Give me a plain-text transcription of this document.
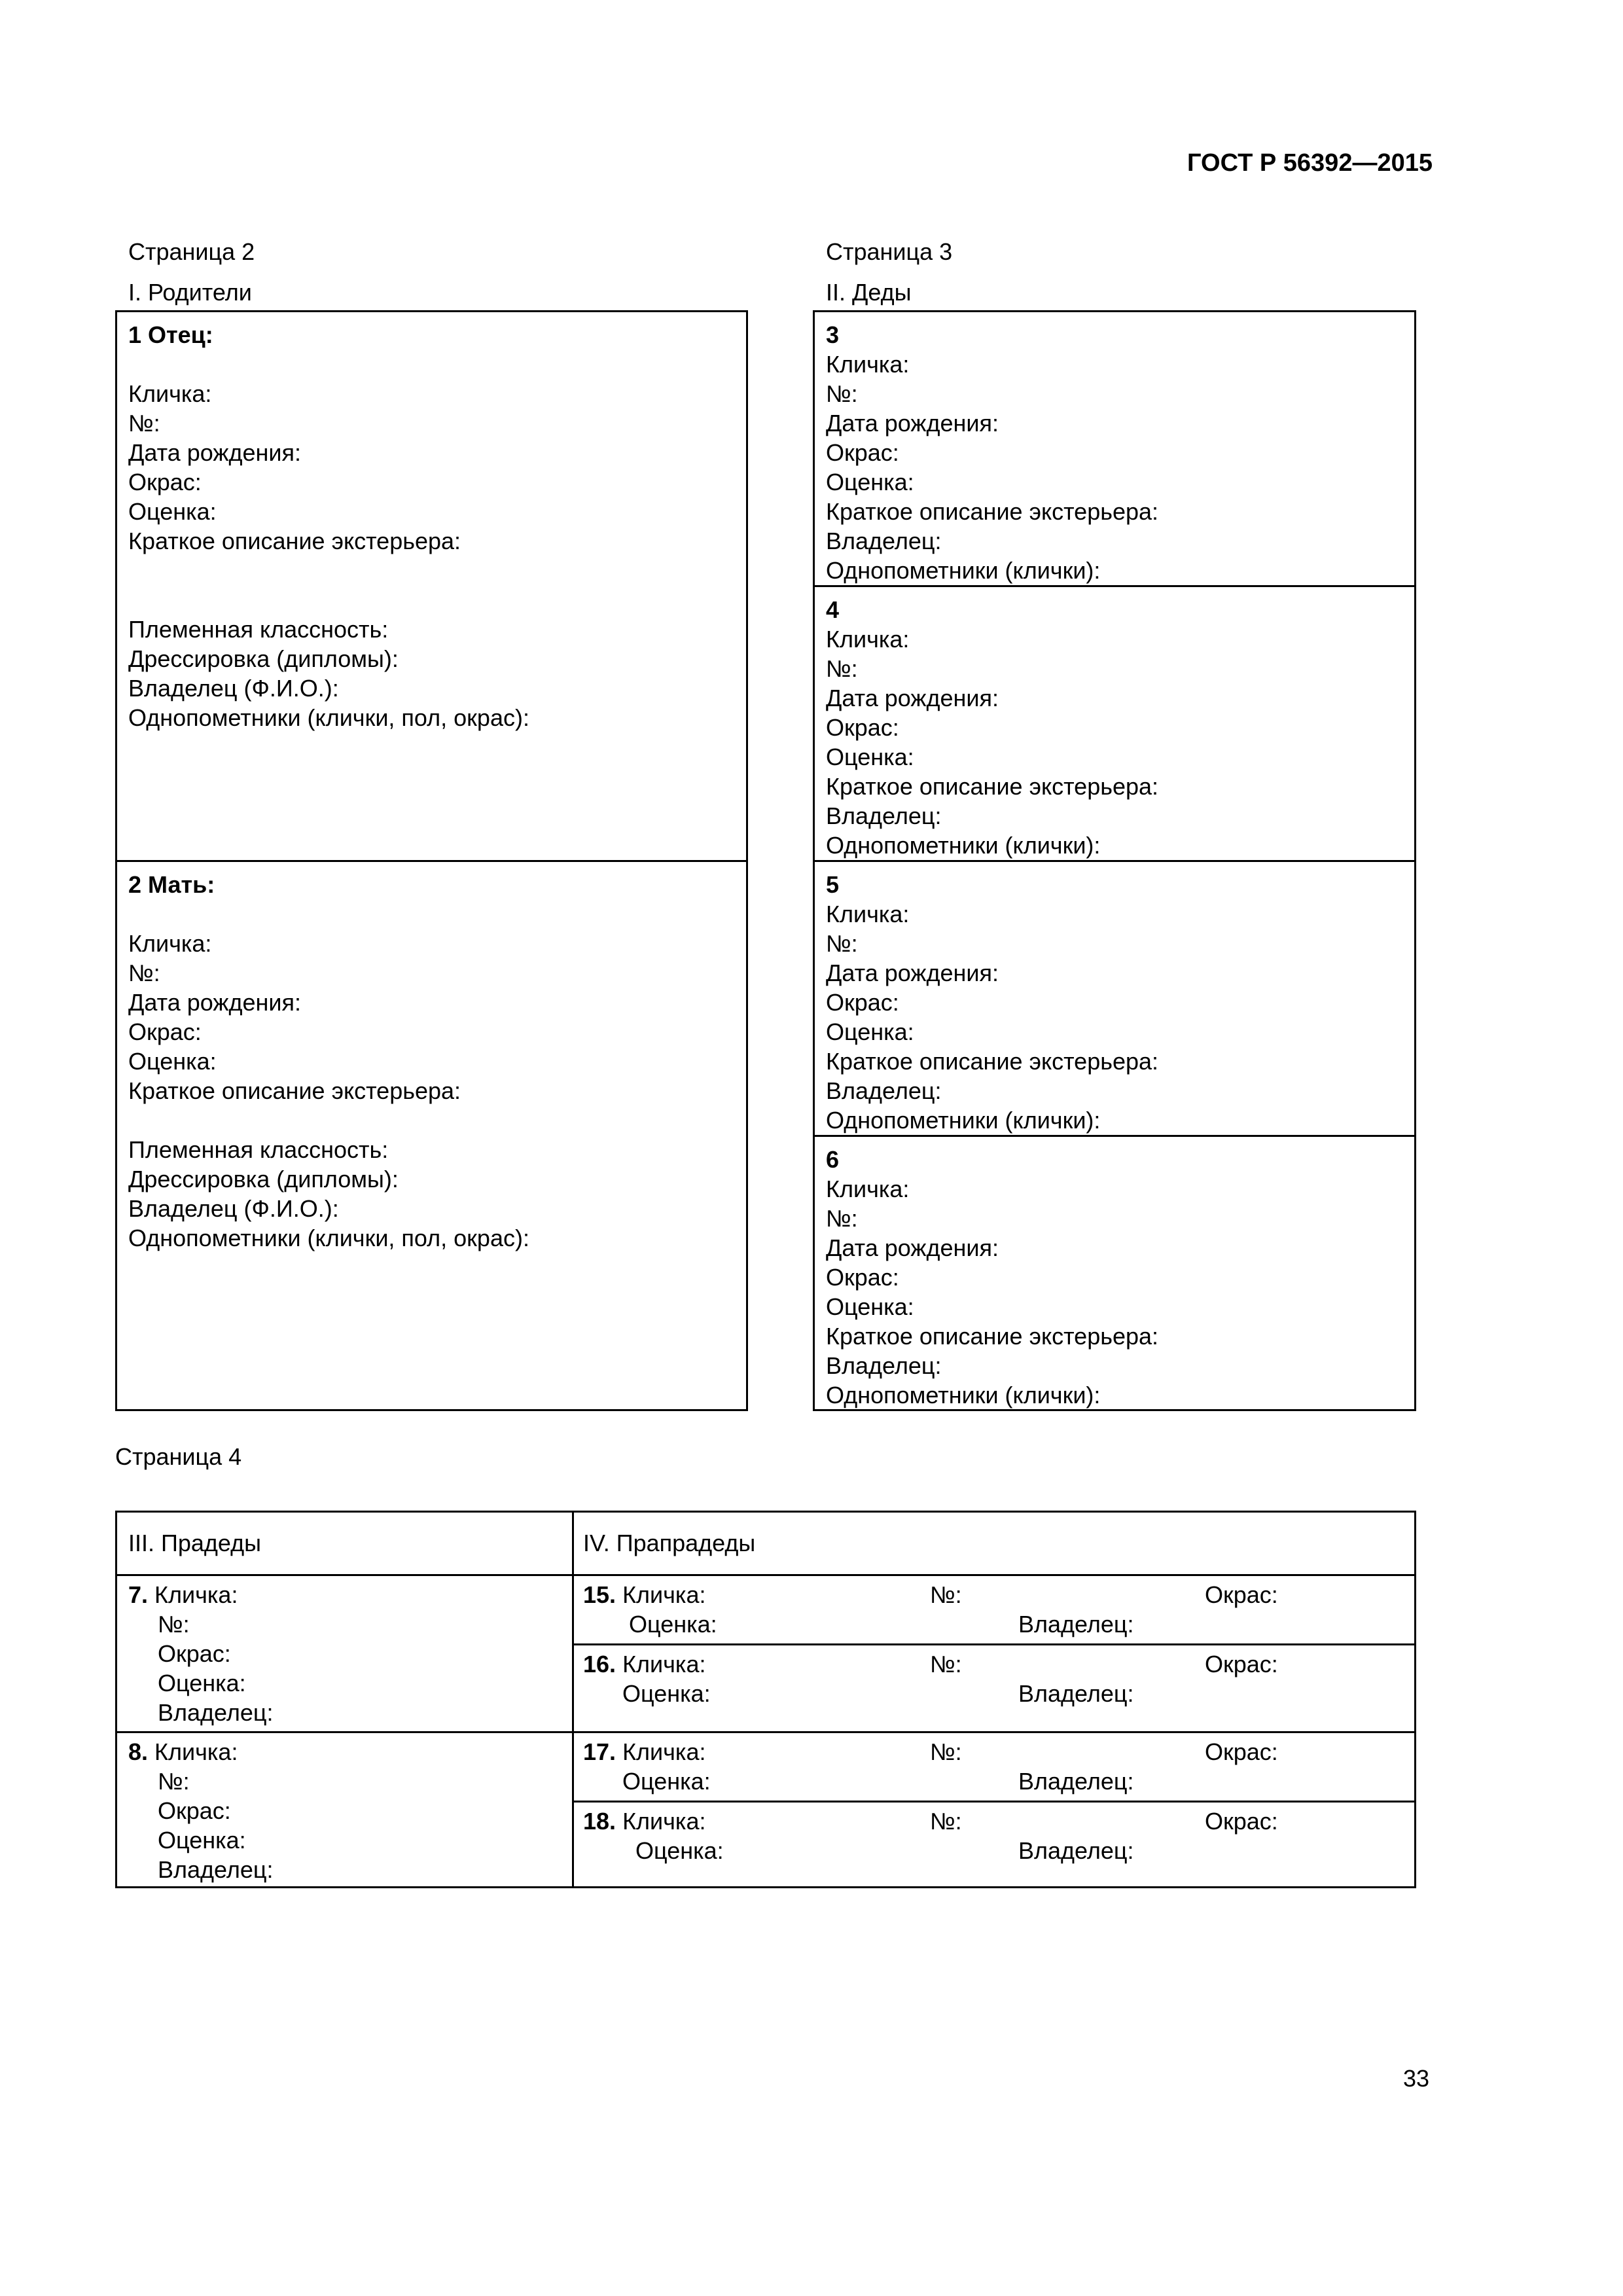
ГОСТ Р 56392—2015
Страница 2
I. Родители
Страница 3
II. Деды
1 Отец:
Кличка:
№:
Дата рождения:
Окрас:
Оценка:
Краткое описание экстерьера:
Племенная классность:
Дрессировка (дипломы):
Владелец (Ф.И.О.):
Однопометники (клички, пол, окрас):
2 Мать:
Кличка:
№:
Дата рождения:
Окрас:
Оценка:
Краткое описание экстерьера:
Племенная классность:
Дрессировка (дипломы):
Владелец (Ф.И.О.):
Однопометники (клички, пол, окрас):
3
Кличка:
№:
Дата рождения:
Окрас:
Оценка:
Краткое описание экстерьера:
Владелец:
Однопометники (клички):
4
Кличка:
№:
Дата рождения:
Окрас:
Оценка:
Краткое описание экстерьера:
Владелец:
Однопометники (клички):
5
Кличка:
№:
Дата рождения:
Окрас:
Оценка:
Краткое описание экстерьера:
Владелец:
Однопометники (клички):
6
Кличка:
№:
Дата рождения:
Окрас:
Оценка:
Краткое описание экстерьера:
Владелец:
Однопометники (клички):
Страница 4
III. Прадеды	IV. Прапрадеды
7. Кличка:
№:
Окрас:
Оценка:
Владелец:
8. Кличка:
№:
Окрас:
Оценка:
Владелец:
15. Кличка:	№:	Окрас:
Оценка:	Владелец:
16. Кличка:	№:	Окрас:
Оценка:	Владелец:
17. Кличка:	№:	Окрас:
Оценка:	Владелец:
18. Кличка:	№:	Окрас:
Оценка:	Владелец:
33
